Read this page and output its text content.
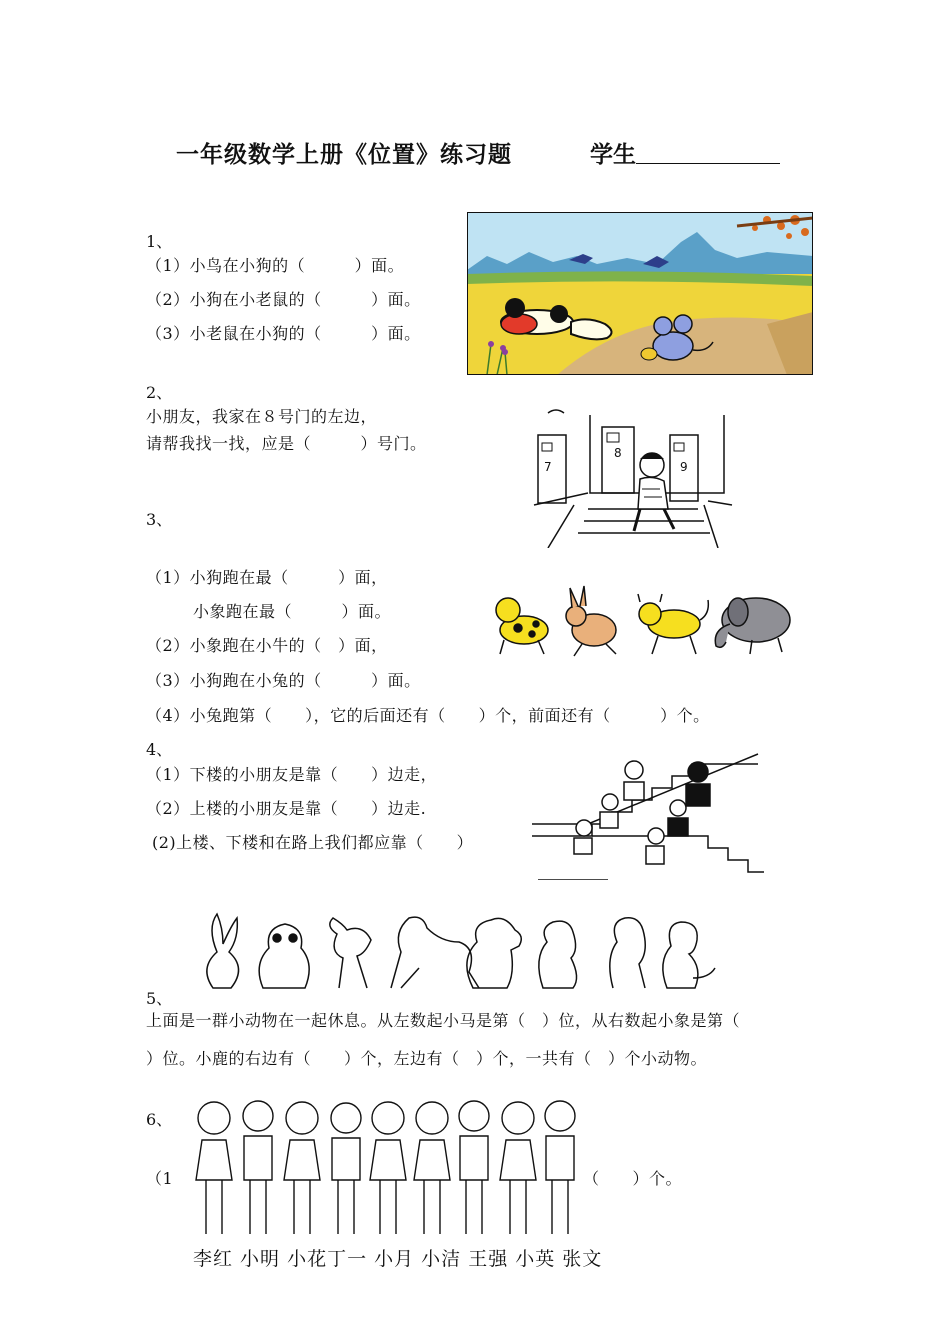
一年级数学上册《位置》练习题	学生
1、
（1）小鸟在小狗的（　　　）面。
（2）小狗在小老鼠的（　　　）面。
（3）小老鼠在小狗的（　　　）面。
2、
小朋友，我家在８号门的左边，
请帮我找一找，应是（　　　）号门。
7
8
9
3、
（1）小狗跑在最（　　　）面，
小象跑在最（　　　）面。
（2）小象跑在小牛的（　）面，
（3）小狗跑在小兔的（　　　）面。
（4）小兔跑第（　　），它的后面还有（　　）个，前面还有（　　　）个。
4、
（1）下楼的小朋友是靠（　　）边走，
（2）上楼的小朋友是靠（　　）边走.
(2)上楼、下楼和在路上我们都应靠（　　）
5、
上面是一群小动物在一起休息。从左数起小马是第（　）位，从右数起小象是第（
）位。小鹿的右边有（　　）个，左边有（　）个，一共有（　）个小动物。
6、
（1	（　　）个。
李红 小明 小花丁一 小月 小洁 王强 小英 张文
